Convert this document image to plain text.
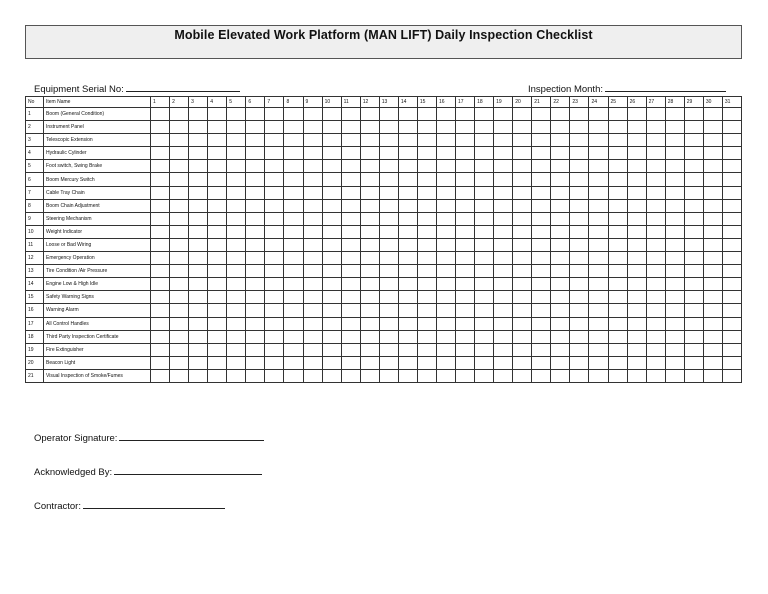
Mobile Elevated Work Platform (MAN LIFT) Daily Inspection Checklist
Equipment Serial No:	Inspection Month:
No	Item Name	1	2	3	4	5	6	7	8	9	10	11	12	13	14	15	16	17	18	19	20	21	22	23	24	25	26	27	28	29	30	31
1	Boom (General Condition)																															
2	Instrument Panel																															
3	Telescopic Extension																															
4	Hydraulic Cylinder																															
5	Foot switch, Swing Brake																															
6	Boom Mercury Switch																															
7	Cable Tray Chain																															
8	Boom Chain Adjustment																															
9	Steering Mechanism																															
10	Weight Indicator																															
11	Loose or Bad Wiring																															
12	Emergency Operation																															
13	Tire Condition /Air Pressure																															
14	Engine Low & High Idle																															
15	Safety Warning Signs																															
16	Warning Alarm																															
17	All Control Handles																															
18	Third Party Inspection Certificate																															
19	Fire Extinguisher																															
20	Beacon Light																															
21	Visual Inspection of Smoke/Fumes																															
Operator Signature:
Acknowledged By:
Contractor:
